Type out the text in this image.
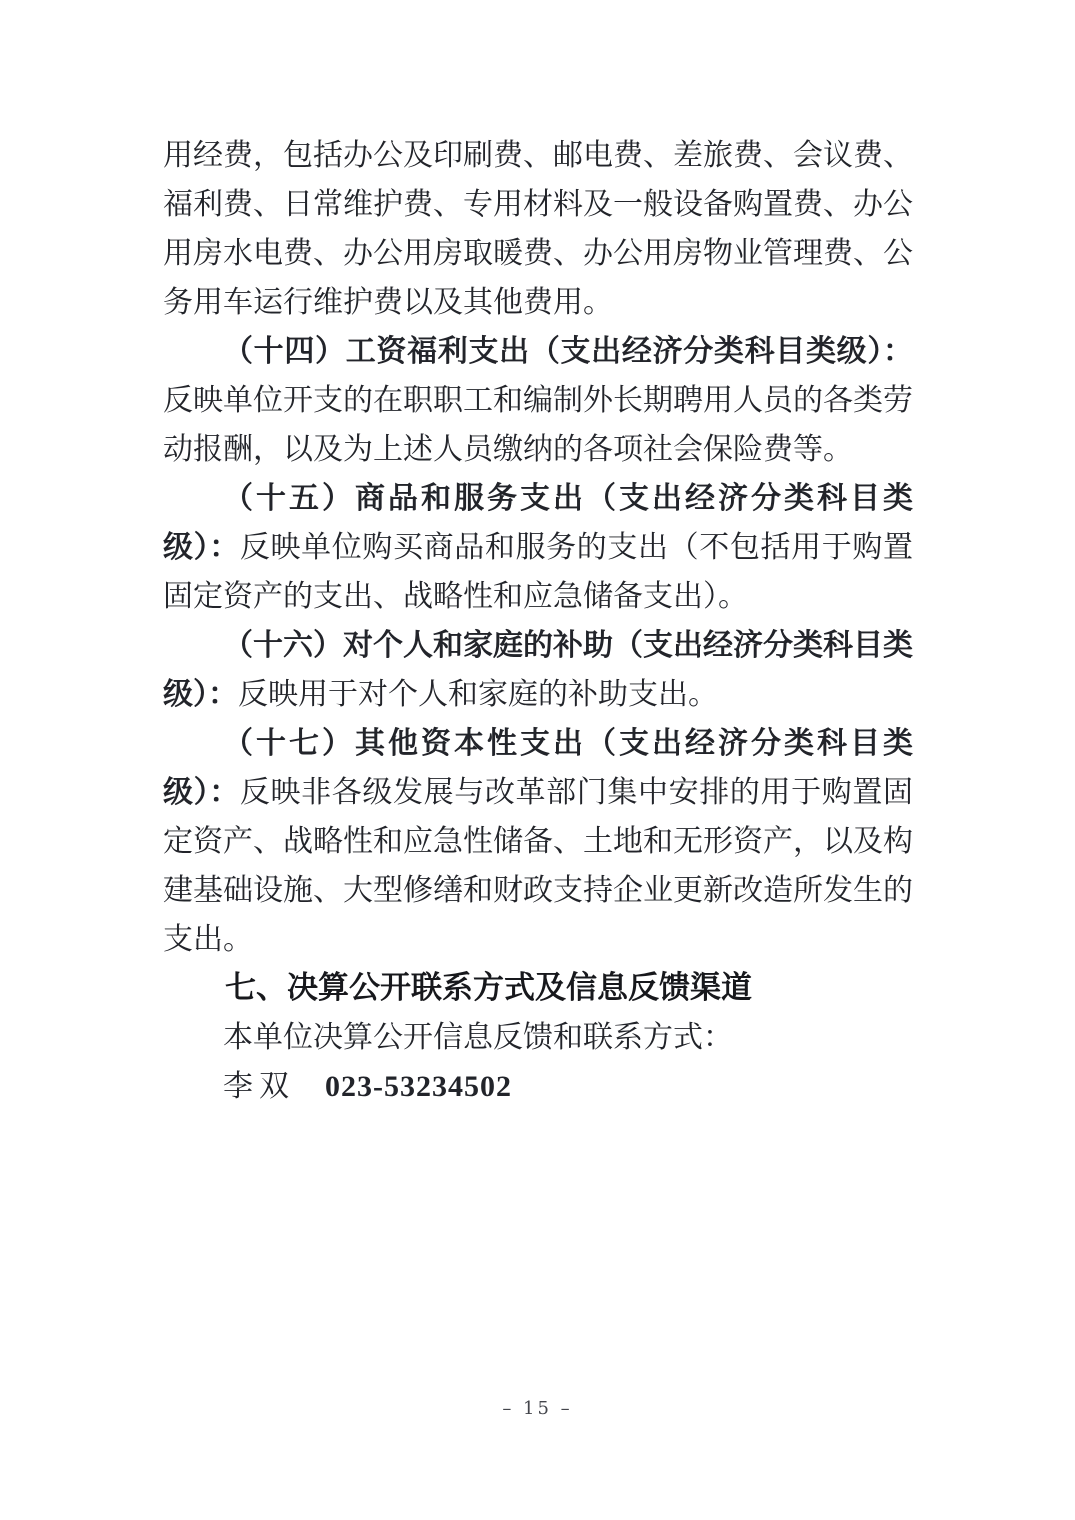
用经费，包括办公及印刷费、邮电费、差旅费、会议费、福利费、日常维护费、专用材料及一般设备购置费、办公用房水电费、办公用房取暖费、办公用房物业管理费、公务用车运行维护费以及其他费用。

（十四）工资福利支出（支出经济分类科目类级）：反映单位开支的在职职工和编制外长期聘用人员的各类劳动报酬，以及为上述人员缴纳的各项社会保险费等。

（十五）商品和服务支出（支出经济分类科目类级）：反映单位购买商品和服务的支出（不包括用于购置固定资产的支出、战略性和应急储备支出）。

（十六）对个人和家庭的补助（支出经济分类科目类级）：反映用于对个人和家庭的补助支出。

（十七）其他资本性支出（支出经济分类科目类级）：反映非各级发展与改革部门集中安排的用于购置固定资产、战略性和应急性储备、土地和无形资产，以及构建基础设施、大型修缮和财政支持企业更新改造所发生的支出。

七、决算公开联系方式及信息反馈渠道

本单位决算公开信息反馈和联系方式：

李双 023-53234502

– 15 –
